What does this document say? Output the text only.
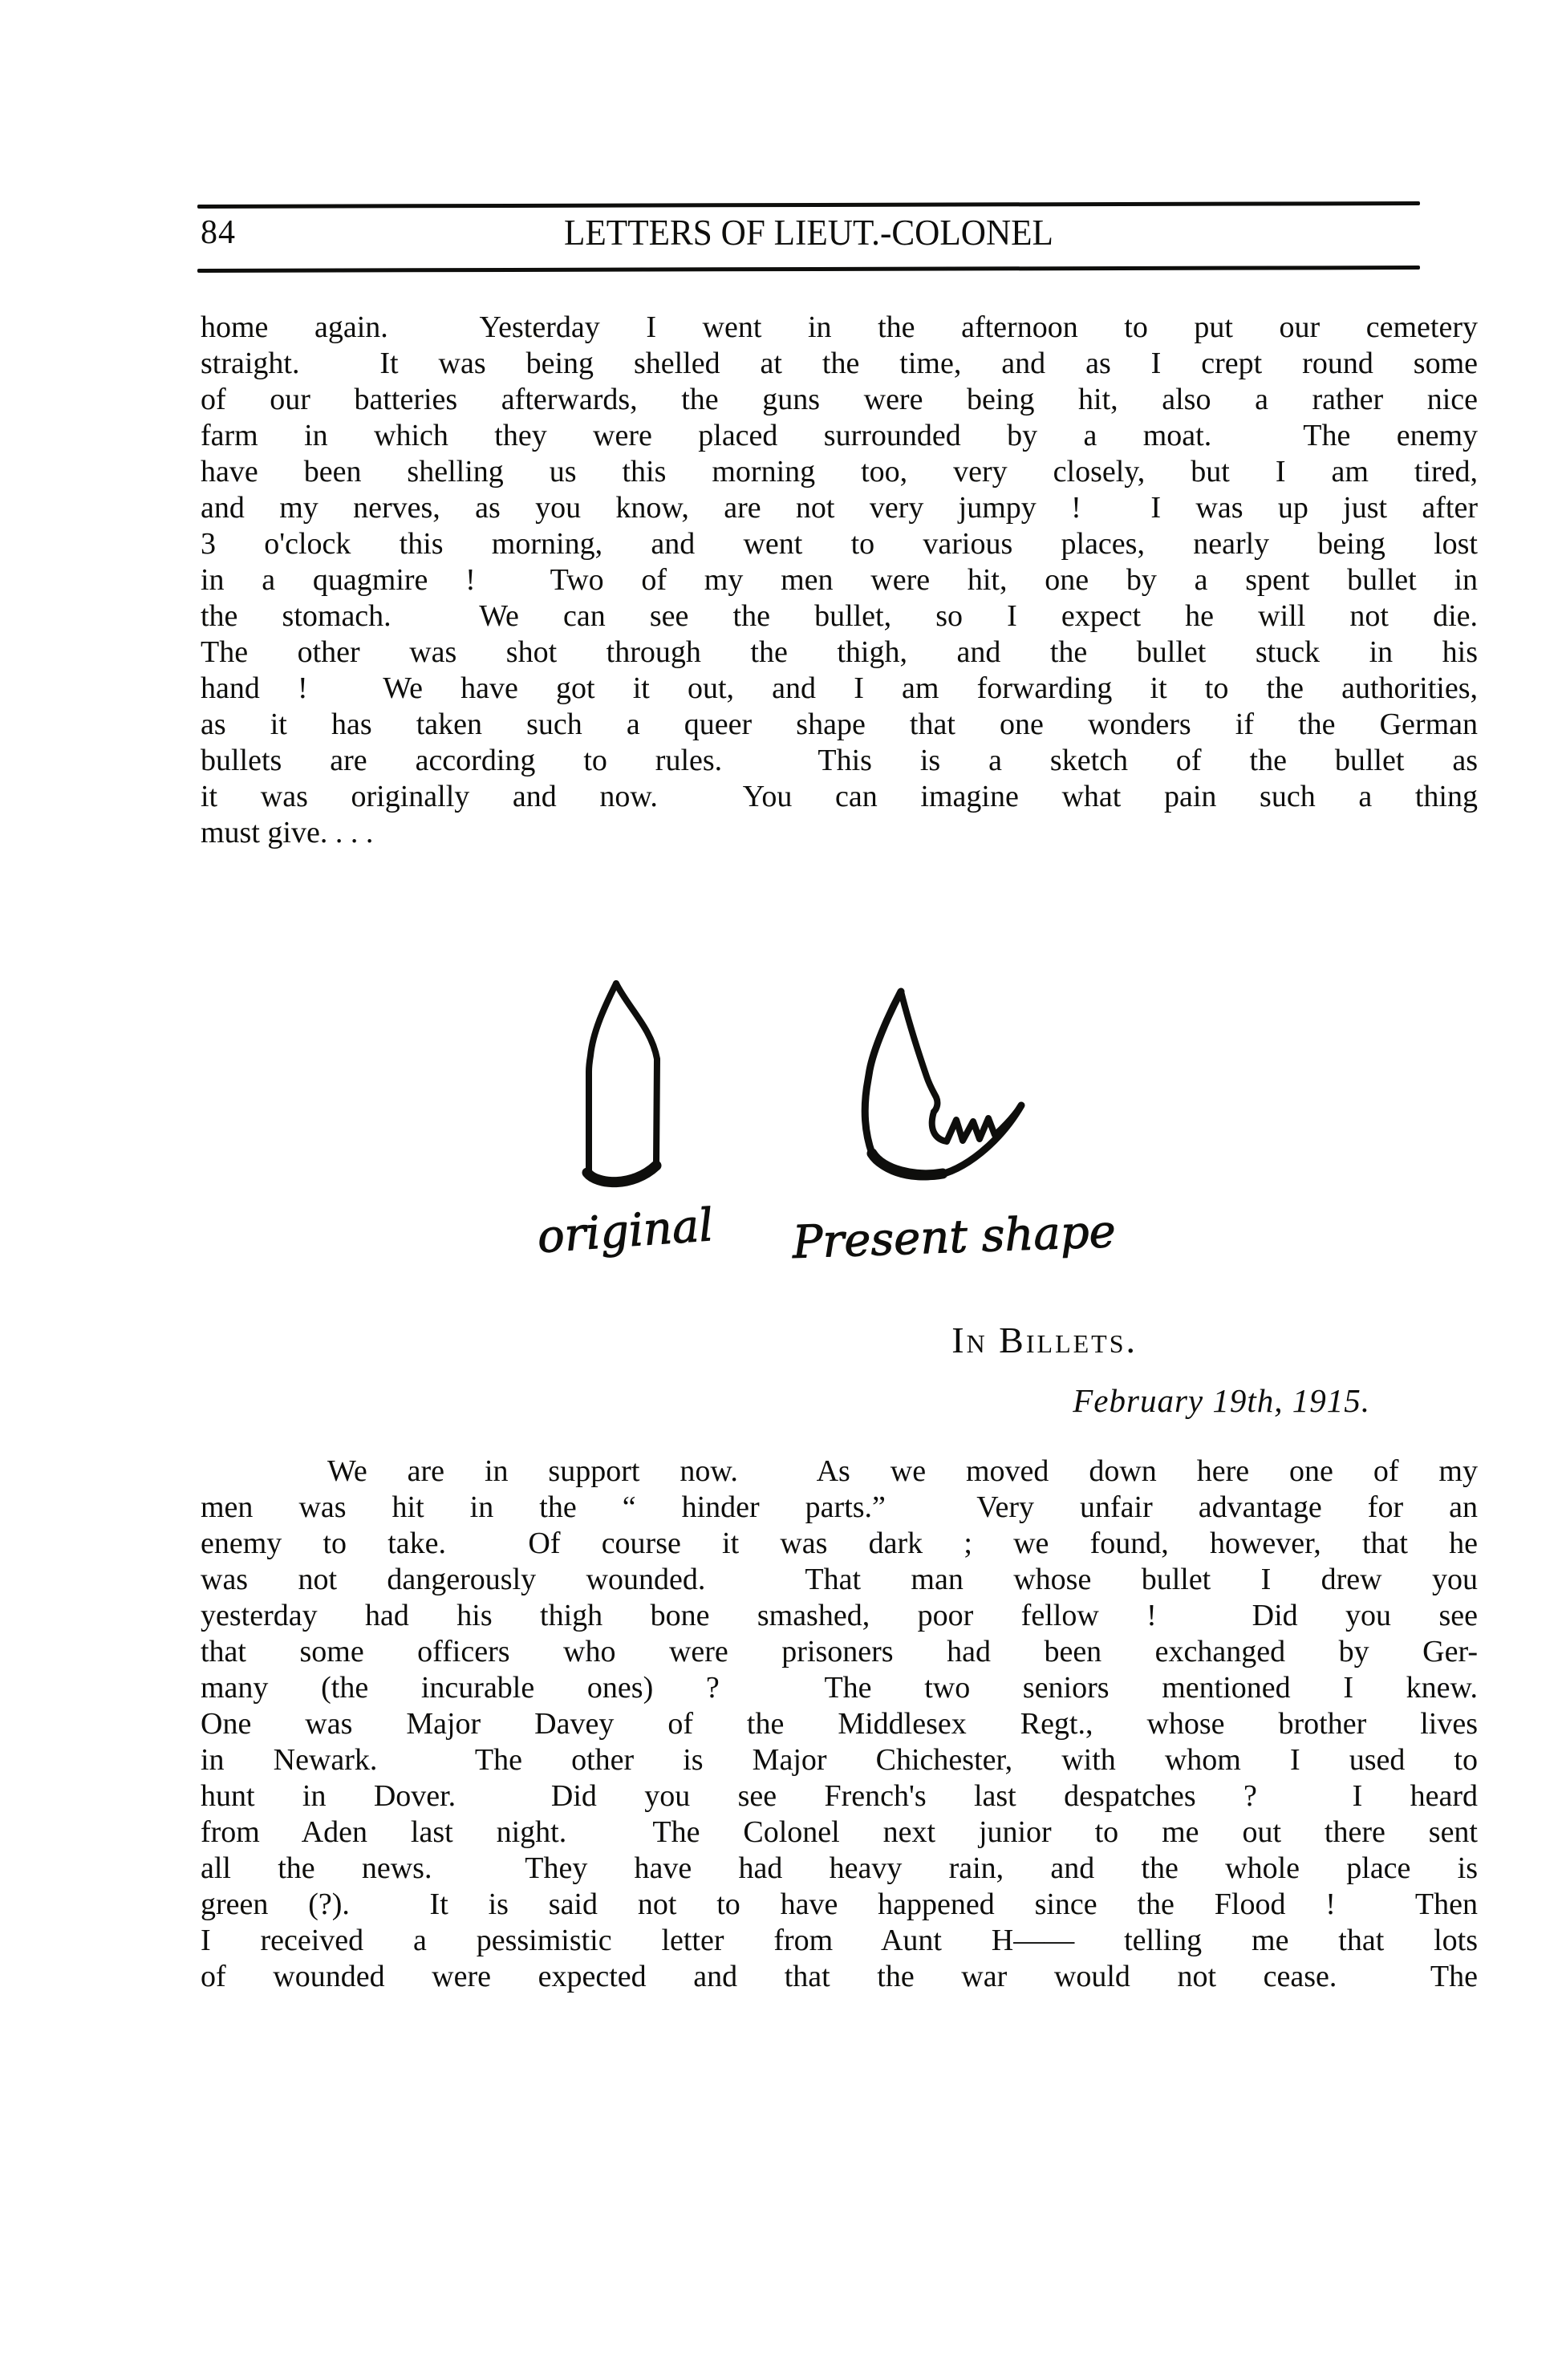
84	LETTERS OF LIEUT.-COLONEL
home again.  Yesterday I went in the afternoon to put our cemetery
straight.  It was being shelled at the time, and as I crept round some
of our batteries afterwards, the guns were being hit, also a rather nice
farm in which they were placed surrounded by a moat.  The enemy
have been shelling us this morning too, very closely, but I am tired,
and my nerves, as you know, are not very jumpy !  I was up just after
3 o'clock this morning, and went to various places, nearly being lost
in a quagmire !  Two of my men were hit, one by a spent bullet in
the stomach.  We can see the bullet, so I expect he will not die.
The other was shot through the thigh, and the bullet stuck in his
hand !  We have got it out, and I am forwarding it to the authorities,
as it has taken such a queer shape that one wonders if the German
bullets are according to rules.  This is a sketch of the bullet as
it was originally and now.  You can imagine what pain such a thing
must give. . . .
original Present shape
In Billets.
February 19th, 1915.
We are in support now.  As we moved down here one of my
men was hit in the “ hinder parts.”  Very unfair advantage for an
enemy to take.  Of course it was dark ; we found, however, that he
was not dangerously wounded.  That man whose bullet I drew you
yesterday had his thigh bone smashed, poor fellow !  Did you see
that some officers who were prisoners had been exchanged by Ger-
many (the incurable ones) ?  The two seniors mentioned I knew.
One was Major Davey of the Middlesex Regt., whose brother lives
in Newark.  The other is Major Chichester, with whom I used to
hunt in Dover.  Did you see French's last despatches ?  I heard
from Aden last night.  The Colonel next junior to me out there sent
all the news.  They have had heavy rain, and the whole place is
green (?).  It is said not to have happened since the Flood !  Then
I received a pessimistic letter from Aunt H—— telling me that lots
of wounded were expected and that the war would not cease.  The
